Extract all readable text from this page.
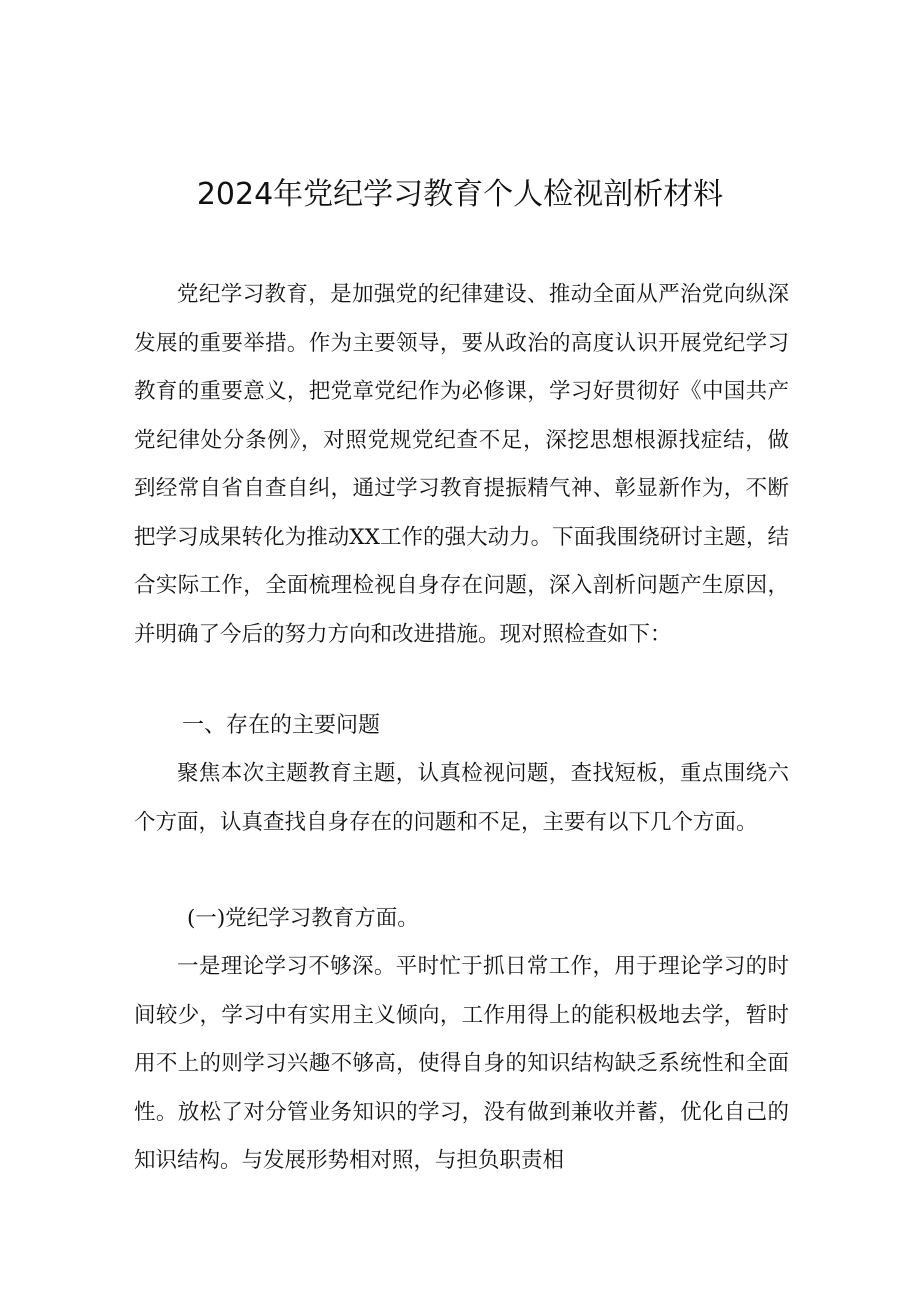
2024年党纪学习教育个人检视剖析材料

党纪学习教育，是加强党的纪律建设、推动全面从严治党向纵深发展的重要举措。作为主要领导，要从政治的高度认识开展党纪学习教育的重要意义，把党章党纪作为必修课，学习好贯彻好《中国共产党纪律处分条例》，对照党规党纪查不足，深挖思想根源找症结，做到经常自省自查自纠，通过学习教育提振精气神、彰显新作为，不断把学习成果转化为推动XX工作的强大动力。下面我围绕研讨主题，结合实际工作，全面梳理检视自身存在问题，深入剖析问题产生原因，并明确了今后的努力方向和改进措施。现对照检查如下：

一、存在的主要问题

聚焦本次主题教育主题，认真检视问题，查找短板，重点围绕六个方面，认真查找自身存在的问题和不足，主要有以下几个方面。

(一)党纪学习教育方面。

一是理论学习不够深。平时忙于抓日常工作，用于理论学习的时间较少，学习中有实用主义倾向，工作用得上的能积极地去学，暂时用不上的则学习兴趣不够高，使得自身的知识结构缺乏系统性和全面性。放松了对分管业务知识的学习，没有做到兼收并蓄，优化自己的知识结构。与发展形势相对照，与担负职责相
